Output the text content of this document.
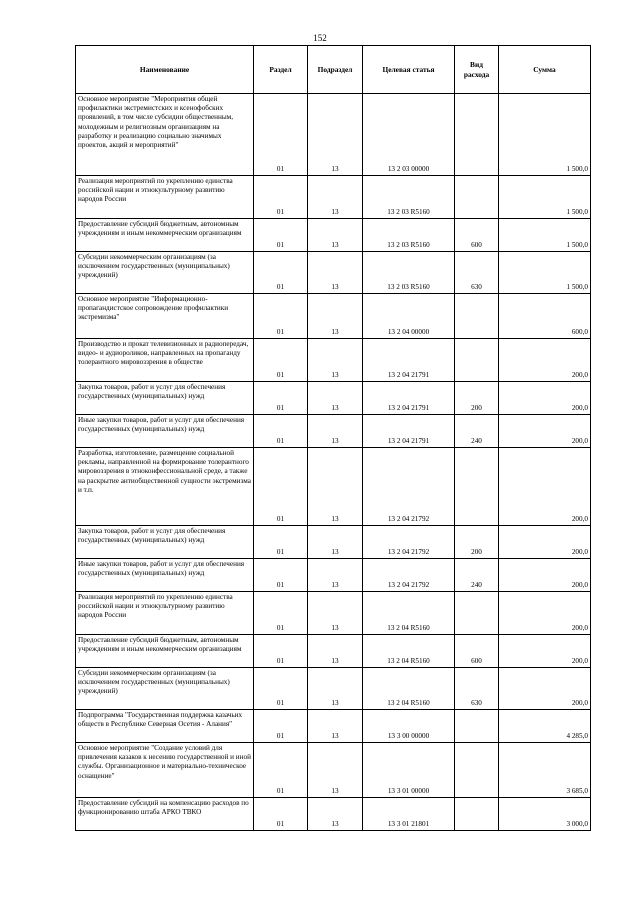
152
Наименование	Раздел	Подраздел	Целевая статья	Вид расхода	Сумма
Основное мероприятие "Мероприятия общей профилактики экстремистских и ксенофобских проявлений, в том числе субсидии общественным, молодежным и религиозным организациям на разработку и реализацию социально значимых проектов, акций и мероприятий"	01	13	13 2 03 00000		1 500,0
Реализация мероприятий по укреплению единства российской нации и этнокультурному развитию народов России	01	13	13 2 03 R5160		1 500,0
Предоставление субсидий бюджетным, автономным учреждениям и иным некоммерческим организациям	01	13	13 2 03 R5160	600	1 500,0
Субсидии некоммерческим организациям (за исключением государственных (муниципальных) учреждений)	01	13	13 2 03 R5160	630	1 500,0
Основное мероприятие "Информационно-пропагандистское сопровождение профилактики экстремизма"	01	13	13 2 04 00000		600,0
Производство и прокат телевизионных и радиопередач, видео- и аудиороликов, направленных на пропаганду толерантного мировоззрения в обществе	01	13	13 2 04 21791		200,0
Закупка товаров, работ и услуг для обеспечения государственных (муниципальных) нужд	01	13	13 2 04 21791	200	200,0
Иные закупки товаров, работ и услуг для обеспечения государственных (муниципальных) нужд	01	13	13 2 04 21791	240	200,0
Разработка, изготовление, размещение социальной рекламы, направленной на формирование толерантного мировоззрения в этноконфессиональной среде, а также на раскрытие антиобщественной сущности экстремизма и т.п.	01	13	13 2 04 21792		200,0
Закупка товаров, работ и услуг для обеспечения государственных (муниципальных) нужд	01	13	13 2 04 21792	200	200,0
Иные закупки товаров, работ и услуг для обеспечения государственных (муниципальных) нужд	01	13	13 2 04 21792	240	200,0
Реализация мероприятий по укреплению единства российской нации и этнокультурному развитию народов России	01	13	13 2 04 R5160		200,0
Предоставление субсидий бюджетным, автономным учреждениям и иным некоммерческим организациям	01	13	13 2 04 R5160	600	200,0
Субсидии некоммерческим организациям (за исключением государственных (муниципальных) учреждений)	01	13	13 2 04 R5160	630	200,0
Подпрограмма "Государственная поддержка казачьих обществ в Республике Северная Осетия - Алания"	01	13	13 3 00 00000		4 285,0
Основное мероприятие "Создание условий для привлечения казаков к несению государственной и иной службы. Организационное и материально-техническое оснащение"	01	13	13 3 01 00000		3 685,0
Предоставление субсидий на компенсацию расходов по функционированию штаба АРКО ТВКО	01	13	13 3 01 21801		3 000,0
